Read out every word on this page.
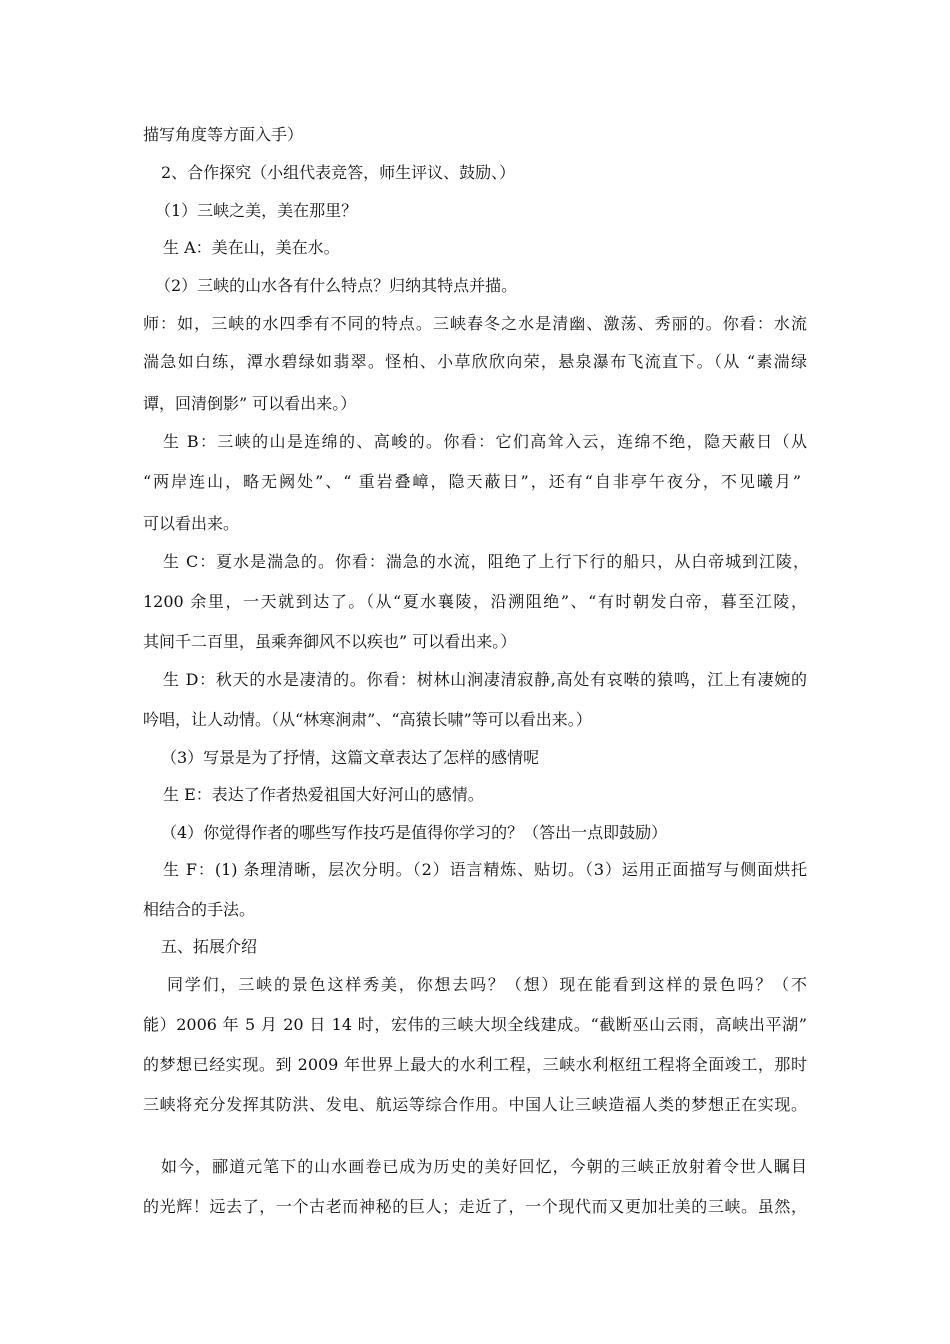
描写角度等方面入手）
2、合作探究（小组代表竞答，师生评议、鼓励、）
（1）三峡之美，美在那里？
生 A：美在山，美在水。
（2）三峡的山水各有什么特点？归纳其特点并描。
师：如，三峡的水四季有不同的特点。三峡春冬之水是清幽、激荡、秀丽的。你看：水流
湍急如白练，潭水碧绿如翡翠。怪柏、小草欣欣向荣，悬泉瀑布飞流直下。（从 “素湍绿
谭，回清倒影” 可以看出来。）
生 B：三峡的山是连绵的、高峻的。你看：它们高耸入云，连绵不绝，隐天蔽日（从
“两岸连山，略无阙处”、“ 重岩叠嶂，隐天蔽日”，还有“自非亭午夜分，不见曦月”
可以看出来。
生 C：夏水是湍急的。你看：湍急的水流，阻绝了上行下行的船只，从白帝城到江陵，
1200 余里，一天就到达了。（从“夏水襄陵，沿溯阻绝”、“有时朝发白帝，暮至江陵，
其间千二百里，虽乘奔御风不以疾也” 可以看出来。）
生 D：秋天的水是凄清的。你看：树林山涧凄清寂静,高处有哀啭的猿鸣，江上有凄婉的
吟唱，让人动情。（从“林寒涧肃”、“高猿长啸”等可以看出来。）
（3）写景是为了抒情，这篇文章表达了怎样的感情呢
生 E：表达了作者热爱祖国大好河山的感情。
（4）你觉得作者的哪些写作技巧是值得你学习的？（答出一点即鼓励）
生 F：(1) 条理清晰，层次分明。（2）语言精炼、贴切。（3）运用正面描写与侧面烘托
相结合的手法。
五、拓展介绍
同学们，三峡的景色这样秀美，你想去吗？（想）现在能看到这样的景色吗？（不
能）2006 年 5 月 20 日 14 时，宏伟的三峡大坝全线建成。“截断巫山云雨，高峡出平湖”
的梦想已经实现。到 2009 年世界上最大的水利工程，三峡水利枢纽工程将全面竣工，那时
三峡将充分发挥其防洪、发电、航运等综合作用。中国人让三峡造福人类的梦想正在实现。
如今，郦道元笔下的山水画卷已成为历史的美好回忆，今朝的三峡正放射着令世人瞩目
的光辉！远去了，一个古老而神秘的巨人；走近了，一个现代而又更加壮美的三峡。虽然，
